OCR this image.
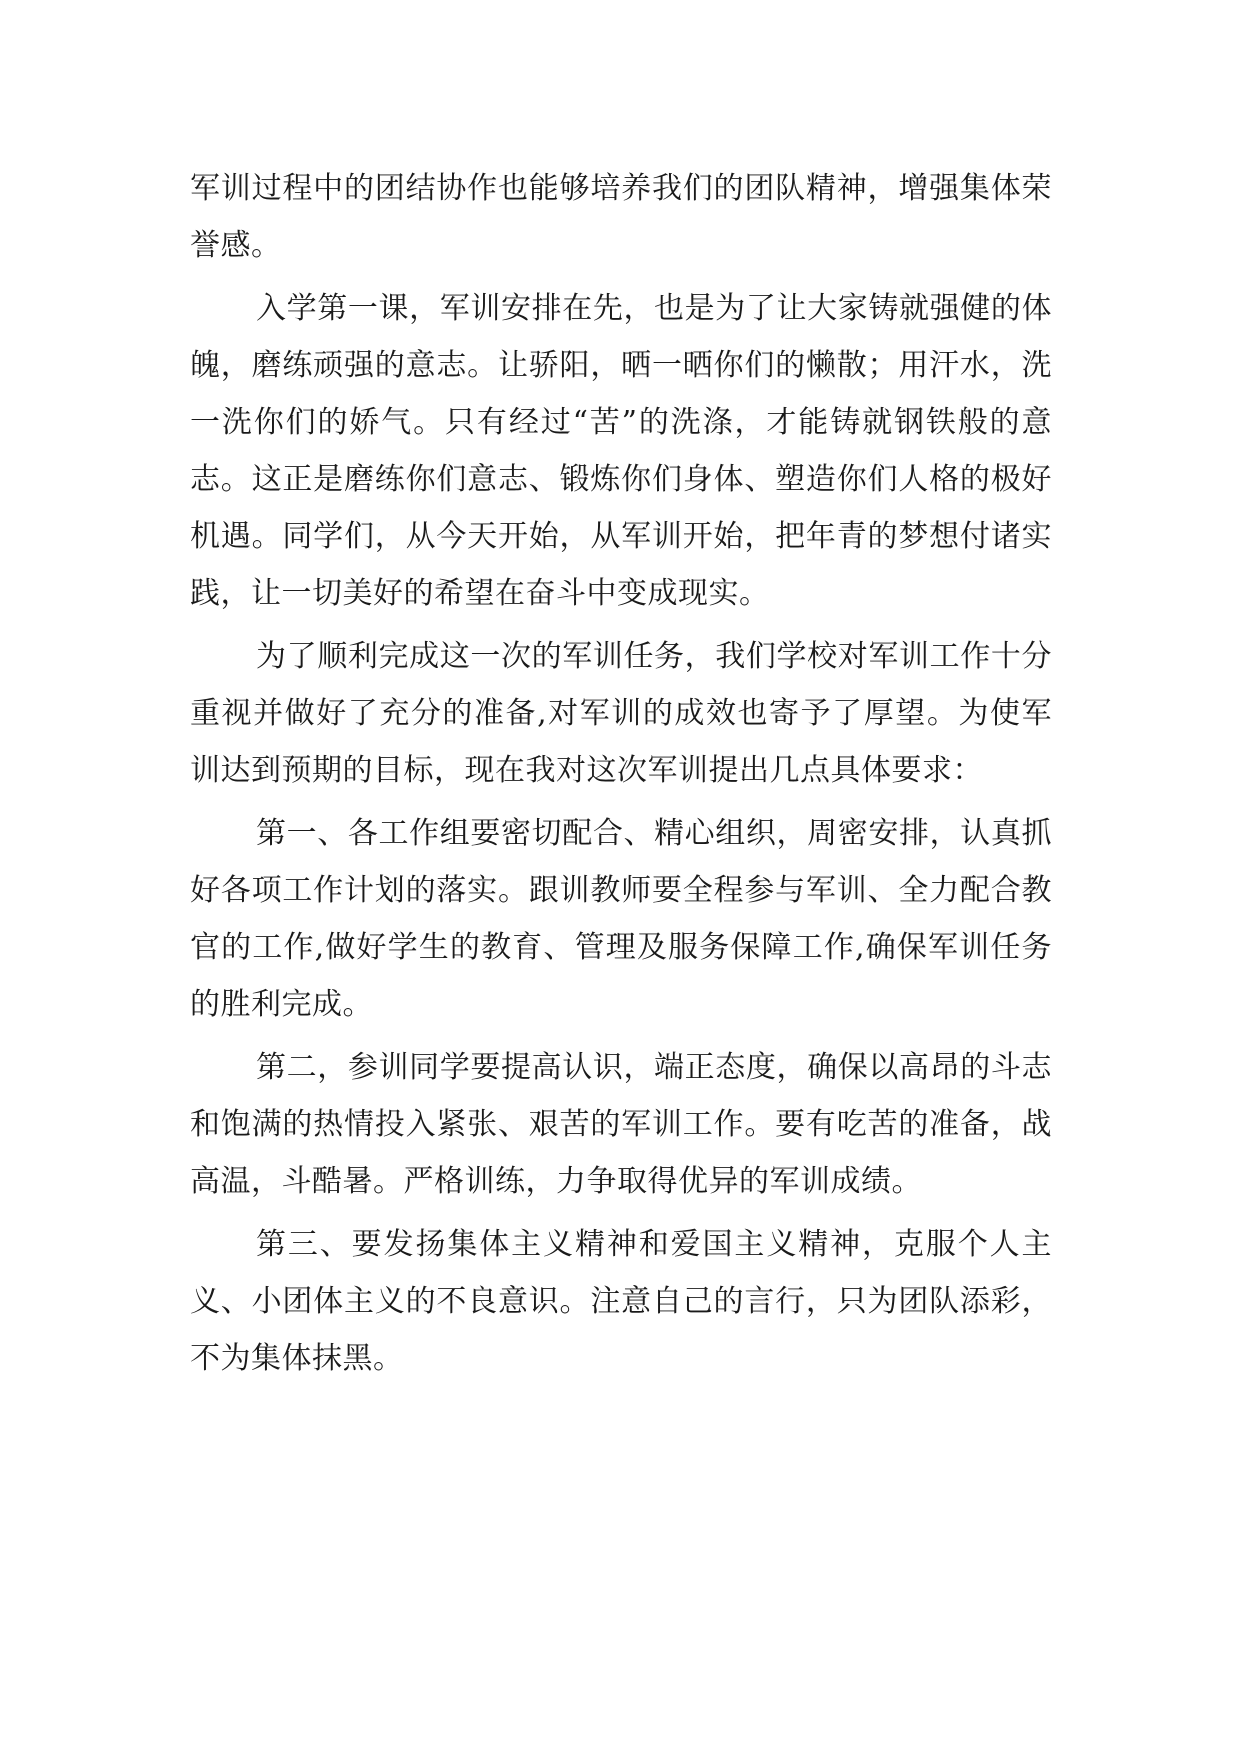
军训过程中的团结协作也能够培养我们的团队精神，增强集体荣誉感。

入学第一课，军训安排在先，也是为了让大家铸就强健的体魄，磨练顽强的意志。让骄阳，晒一晒你们的懒散；用汗水，洗一洗你们的娇气。只有经过“苦”的洗涤，才能铸就钢铁般的意志。这正是磨练你们意志、锻炼你们身体、塑造你们人格的极好机遇。同学们，从今天开始，从军训开始，把年青的梦想付诸实践，让一切美好的希望在奋斗中变成现实。

为了顺利完成这一次的军训任务，我们学校对军训工作十分重视并做好了充分的准备,对军训的成效也寄予了厚望。为使军训达到预期的目标，现在我对这次军训提出几点具体要求：

第一、各工作组要密切配合、精心组织，周密安排，认真抓好各项工作计划的落实。跟训教师要全程参与军训、全力配合教官的工作,做好学生的教育、管理及服务保障工作,确保军训任务的胜利完成。

第二，参训同学要提高认识，端正态度，确保以高昂的斗志和饱满的热情投入紧张、艰苦的军训工作。要有吃苦的准备，战高温，斗酷暑。严格训练，力争取得优异的军训成绩。

第三、要发扬集体主义精神和爱国主义精神，克服个人主义、小团体主义的不良意识。注意自己的言行，只为团队添彩，不为集体抹黑。
